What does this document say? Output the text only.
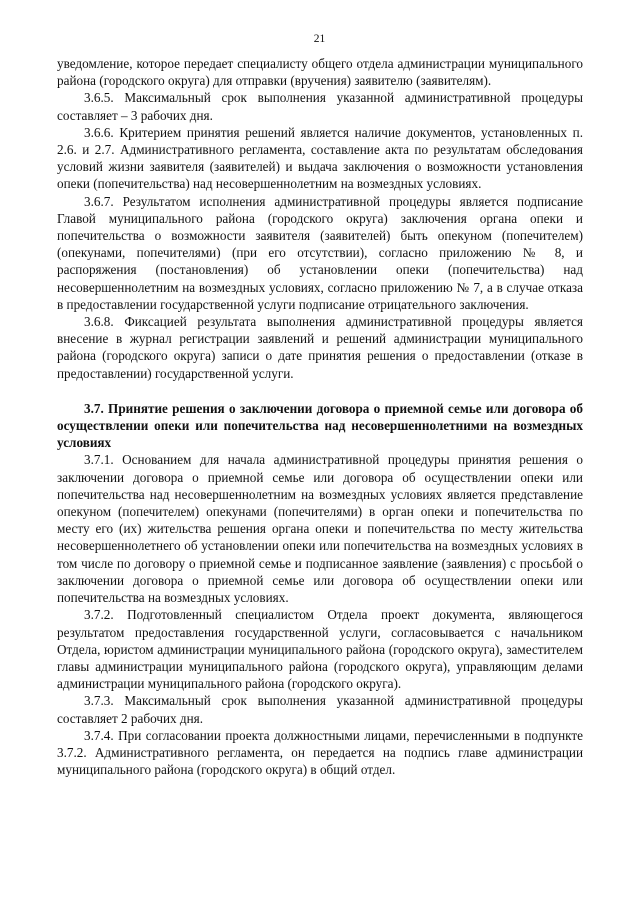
21

уведомление, которое передает специалисту общего отдела администрации муниципального района (городского округа) для отправки (вручения) заявителю (заявителям).

3.6.5. Максимальный срок выполнения указанной административной процедуры составляет – 3 рабочих дня.

3.6.6. Критерием принятия решений является наличие документов, установленных п. 2.6. и 2.7. Административного регламента, составление акта по результатам обследования условий жизни заявителя (заявителей) и выдача заключения о возможности установления опеки (попечительства) над несовершеннолетним на возмездных условиях.

3.6.7. Результатом исполнения административной процедуры является подписание Главой муниципального района (городского округа) заключения органа опеки и попечительства о возможности заявителя (заявителей) быть опекуном (попечителем) (опекунами, попечителями) (при его отсутствии), согласно приложению № 8, и распоряжения (постановления) об установлении опеки (попечительства) над несовершеннолетним на возмездных условиях, согласно приложению № 7, а в случае отказа в предоставлении государственной услуги подписание отрицательного заключения.

3.6.8. Фиксацией результата выполнения административной процедуры является внесение в журнал регистрации заявлений и решений администрации муниципального района (городского округа) записи о дате принятия решения о предоставлении (отказе в предоставлении) государственной услуги.

3.7. Принятие решения о заключении договора о приемной семье или договора об осуществлении опеки или попечительства над несовершеннолетними на возмездных условиях

3.7.1. Основанием для начала административной процедуры принятия решения о заключении договора о приемной семье или договора об осуществлении опеки или попечительства над несовершеннолетним на возмездных условиях является представление опекуном (попечителем) опекунами (попечителями) в орган опеки и попечительства по месту его (их) жительства решения органа опеки и попечительства по месту жительства несовершеннолетнего об установлении опеки или попечительства на возмездных условиях в том числе по договору о приемной семье и подписанное заявление (заявления) с просьбой о заключении договора о приемной семье или договора об осуществлении опеки или попечительства на возмездных условиях.

3.7.2. Подготовленный специалистом Отдела проект документа, являющегося результатом предоставления государственной услуги, согласовывается с начальником Отдела, юристом администрации муниципального района (городского округа), заместителем главы администрации муниципального района (городского округа), управляющим делами администрации муниципального района (городского округа).

3.7.3. Максимальный срок выполнения указанной административной процедуры составляет 2 рабочих дня.

3.7.4. При согласовании проекта должностными лицами, перечисленными в подпункте 3.7.2. Административного регламента, он передается на подпись главе администрации муниципального района (городского округа) в общий отдел.
